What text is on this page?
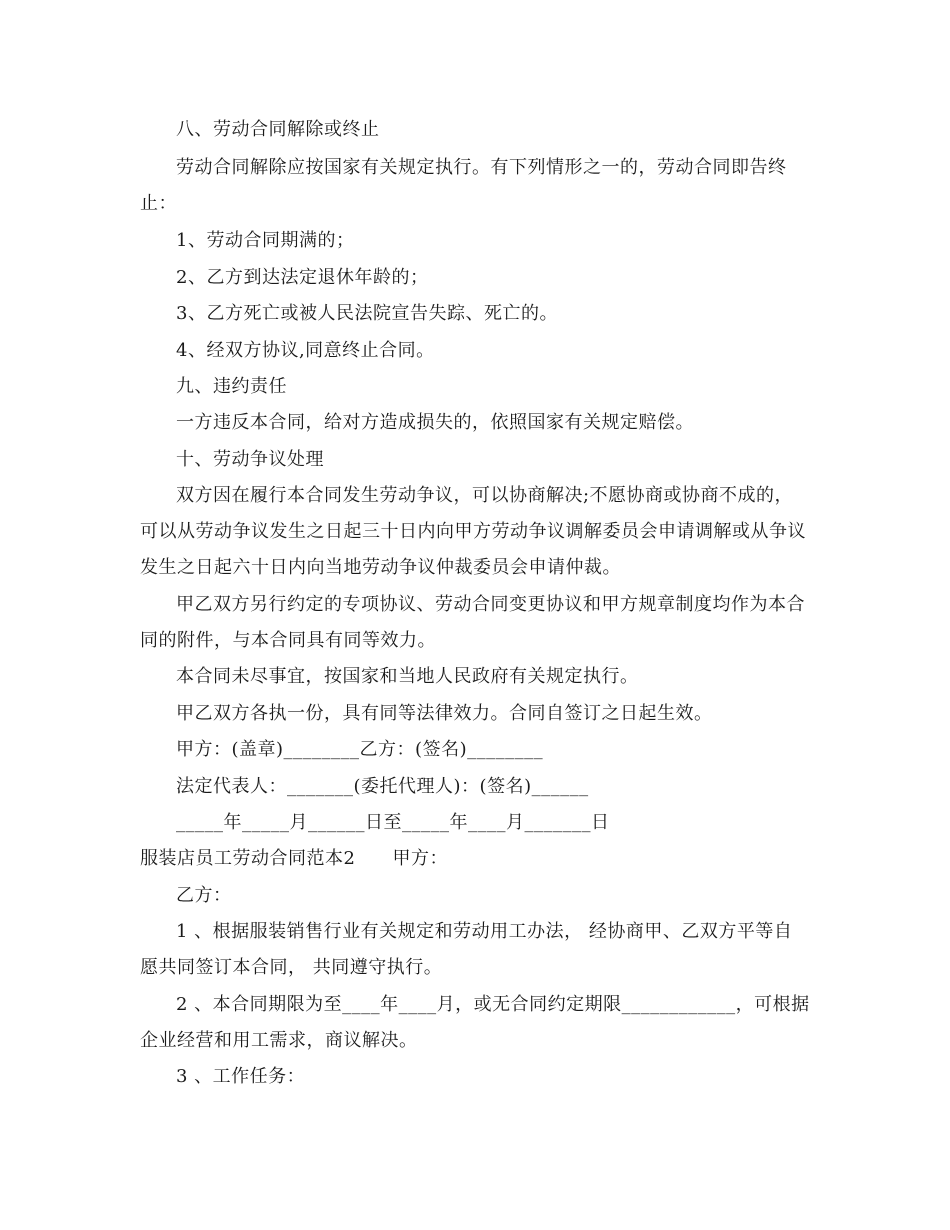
八、劳动合同解除或终止
劳动合同解除应按国家有关规定执行。有下列情形之一的，劳动合同即告终
止：
1、劳动合同期满的；
2、乙方到达法定退休年龄的；
3、乙方死亡或被人民法院宣告失踪、死亡的。
4、经双方协议,同意终止合同。
九、违约责任
一方违反本合同，给对方造成损失的，依照国家有关规定赔偿。
十、劳动争议处理
双方因在履行本合同发生劳动争议，可以协商解决;不愿协商或协商不成的，
可以从劳动争议发生之日起三十日内向甲方劳动争议调解委员会申请调解或从争议
发生之日起六十日内向当地劳动争议仲裁委员会申请仲裁。
甲乙双方另行约定的专项协议、劳动合同变更协议和甲方规章制度均作为本合
同的附件，与本合同具有同等效力。
本合同未尽事宜，按国家和当地人民政府有关规定执行。
甲乙双方各执一份，具有同等法律效力。合同自签订之日起生效。
甲方：(盖章)________乙方：(签名)________
法定代表人：_______(委托代理人)：(签名)______
_____年_____月______日至_____年____月_______日
服装店员工劳动合同范本2　　甲方：
乙方：
1 、根据服装销售行业有关规定和劳动用工办法， 经协商甲、乙双方平等自
愿共同签订本合同， 共同遵守执行。
2 、本合同期限为至____年____月，或无合同约定期限____________，可根据
企业经营和用工需求，商议解决。
3 、工作任务：
